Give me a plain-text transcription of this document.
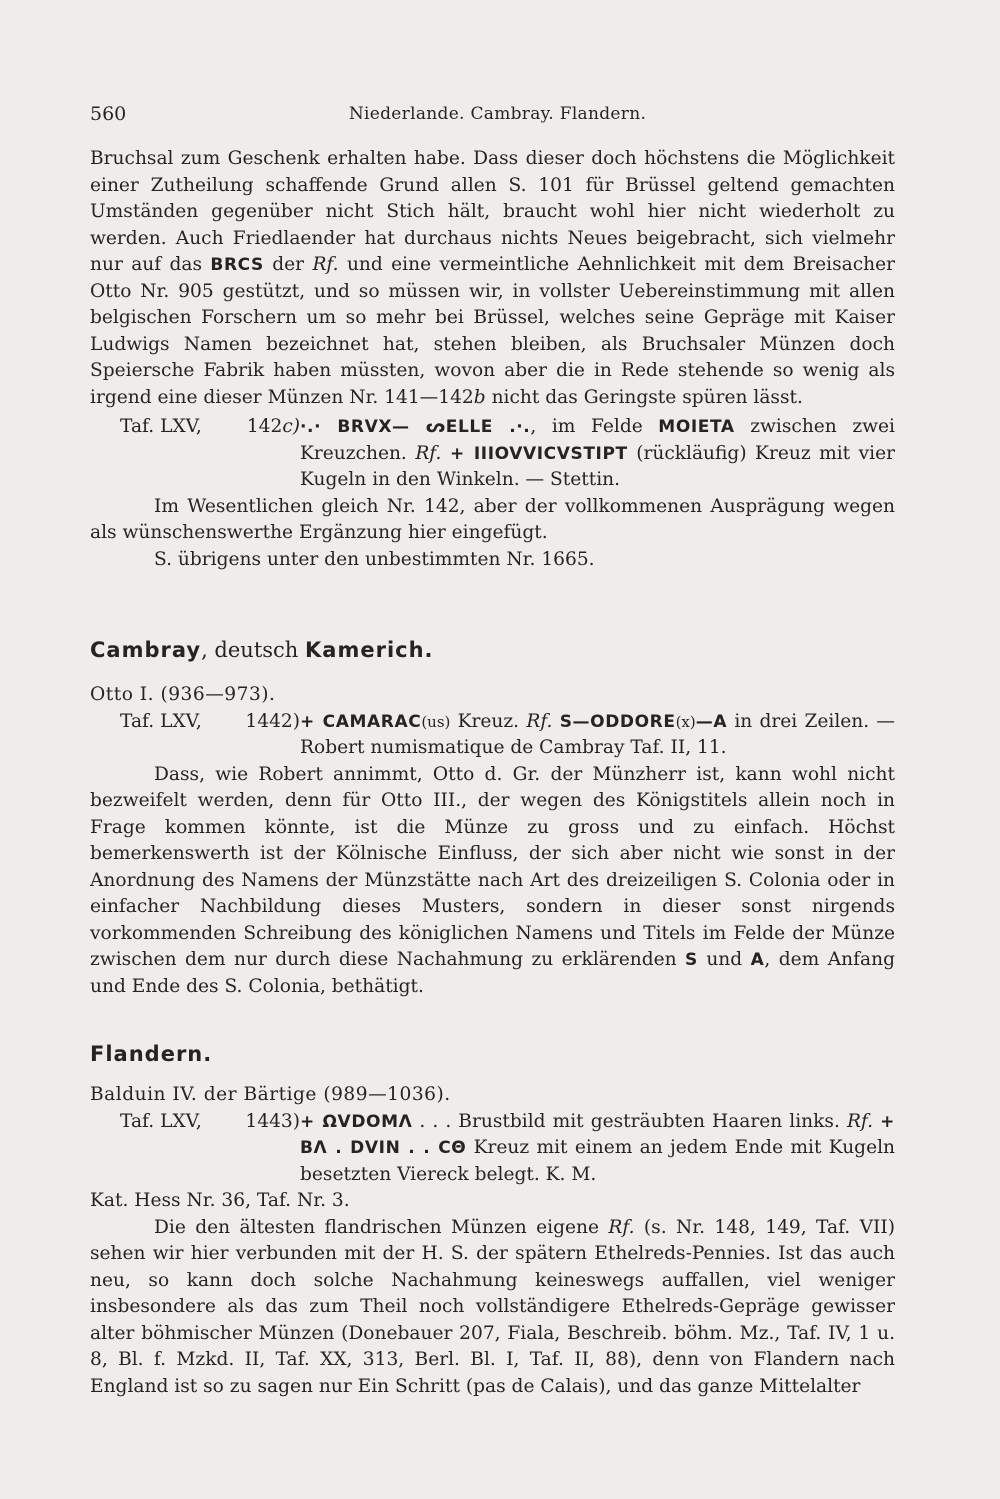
560	Niederlande. Cambray. Flandern.

Bruchsal zum Geschenk erhalten habe. Dass dieser doch höchstens die Möglichkeit einer Zutheilung schaffende Grund allen S. 101 für Brüssel geltend gemachten Umständen gegenüber nicht Stich hält, braucht wohl hier nicht wiederholt zu werden. Auch Friedlaender hat durchaus nichts Neues beigebracht, sich vielmehr nur auf das BRCS der Rf. und eine vermeintliche Aehnlichkeit mit dem Breisacher Otto Nr. 905 gestützt, und so müssen wir, in vollster Uebereinstimmung mit allen belgischen Forschern um so mehr bei Brüssel, welches seine Gepräge mit Kaiser Ludwigs Namen bezeichnet hat, stehen bleiben, als Bruchsaler Münzen doch Speiersche Fabrik haben müssten, wovon aber die in Rede stehende so wenig als irgend eine dieser Münzen Nr. 141—142b nicht das Geringste spüren lässt.

Taf. LXV, 142c) ·.· BRVX— ᔕELLE .·., im Felde MOIETA zwischen zwei Kreuzchen. Rf. + IIIOVVICVSTIPT (rückläufig) Kreuz mit vier Kugeln in den Winkeln. — Stettin.

Im Wesentlichen gleich Nr. 142, aber der vollkommenen Ausprägung wegen als wünschenswerthe Ergänzung hier eingefügt.

S. übrigens unter den unbestimmten Nr. 1665.

Cambray, deutsch Kamerich.

Otto I. (936—973).

Taf. LXV, 1442) + CAMARAC(us) Kreuz. Rf. S—ODDORE(x)—A in drei Zeilen. — Robert numismatique de Cambray Taf. II, 11.

Dass, wie Robert annimmt, Otto d. Gr. der Münzherr ist, kann wohl nicht bezweifelt werden, denn für Otto III., der wegen des Königstitels allein noch in Frage kommen könnte, ist die Münze zu gross und zu einfach. Höchst bemerkenswerth ist der Kölnische Einfluss, der sich aber nicht wie sonst in der Anordnung des Namens der Münzstätte nach Art des dreizeiligen S. Colonia oder in einfacher Nachbildung dieses Musters, sondern in dieser sonst nirgends vorkommenden Schreibung des königlichen Namens und Titels im Felde der Münze zwischen dem nur durch diese Nachahmung zu erklärenden S und A, dem Anfang und Ende des S. Colonia, bethätigt.

Flandern.

Balduin IV. der Bärtige (989—1036).

Taf. LXV, 1443) + ΩVDOMΛ . . . Brustbild mit gesträubten Haaren links. Rf. + BΛ . DVIN . . CΘ Kreuz mit einem an jedem Ende mit Kugeln besetzten Viereck belegt. K. M.

Kat. Hess Nr. 36, Taf. Nr. 3.

Die den ältesten flandrischen Münzen eigene Rf. (s. Nr. 148, 149, Taf. VII) sehen wir hier verbunden mit der H. S. der spätern Ethelreds-Pennies. Ist das auch neu, so kann doch solche Nachahmung keineswegs auffallen, viel weniger insbesondere als das zum Theil noch vollständigere Ethelreds-Gepräge gewisser alter böhmischer Münzen (Donebauer 207, Fiala, Beschreib. böhm. Mz., Taf. IV, 1 u. 8, Bl. f. Mzkd. II, Taf. XX, 313, Berl. Bl. I, Taf. II, 88), denn von Flandern nach England ist so zu sagen nur Ein Schritt (pas de Calais), und das ganze Mittelalter
